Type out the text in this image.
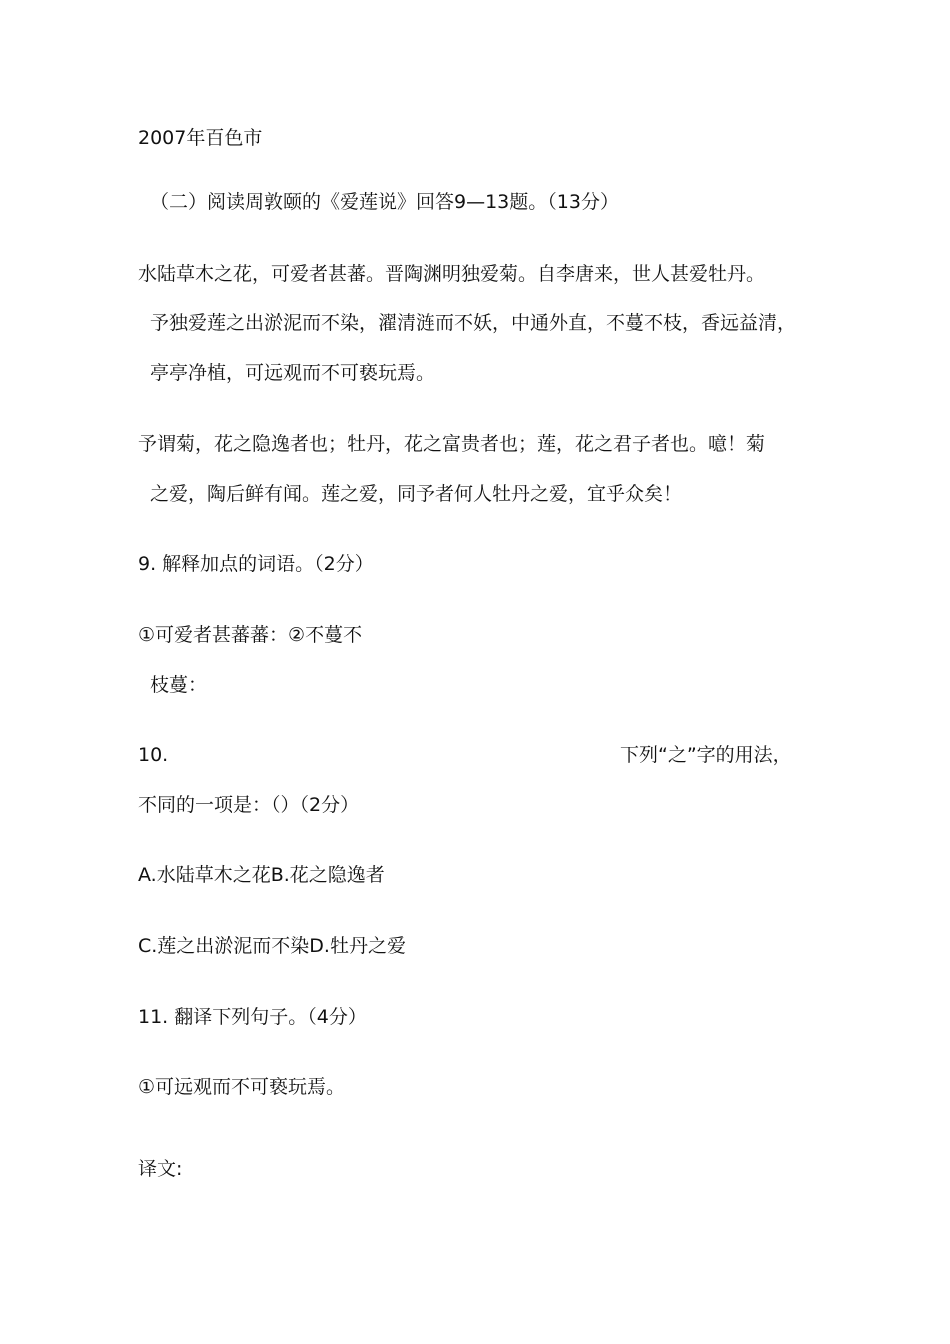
2007年百色市
（二）阅读周敦颐的《爱莲说》回答9—13题。（13分）
水陆草木之花，可爱者甚蕃。晋陶渊明独爱菊。自李唐来，世人甚爱牡丹。
予独爱莲之出淤泥而不染，濯清涟而不妖，中通外直，不蔓不枝，香远益清，
亭亭净植，可远观而不可亵玩焉。
予谓菊，花之隐逸者也；牡丹，花之富贵者也；莲，花之君子者也。噫！菊
之爱，陶后鲜有闻。莲之爱，同予者何人牡丹之爱，宜乎众矣！
9. 解释加点的词语。（2分）
①可爱者甚蕃蕃：②不蔓不
枝蔓：
10.	下列“之”字的用法，
不同的一项是：（）（2分）
A.水陆草木之花B.花之隐逸者
C.莲之出淤泥而不染D.牡丹之爱
11. 翻译下列句子。（4分）
①可远观而不可亵玩焉。
译文:
